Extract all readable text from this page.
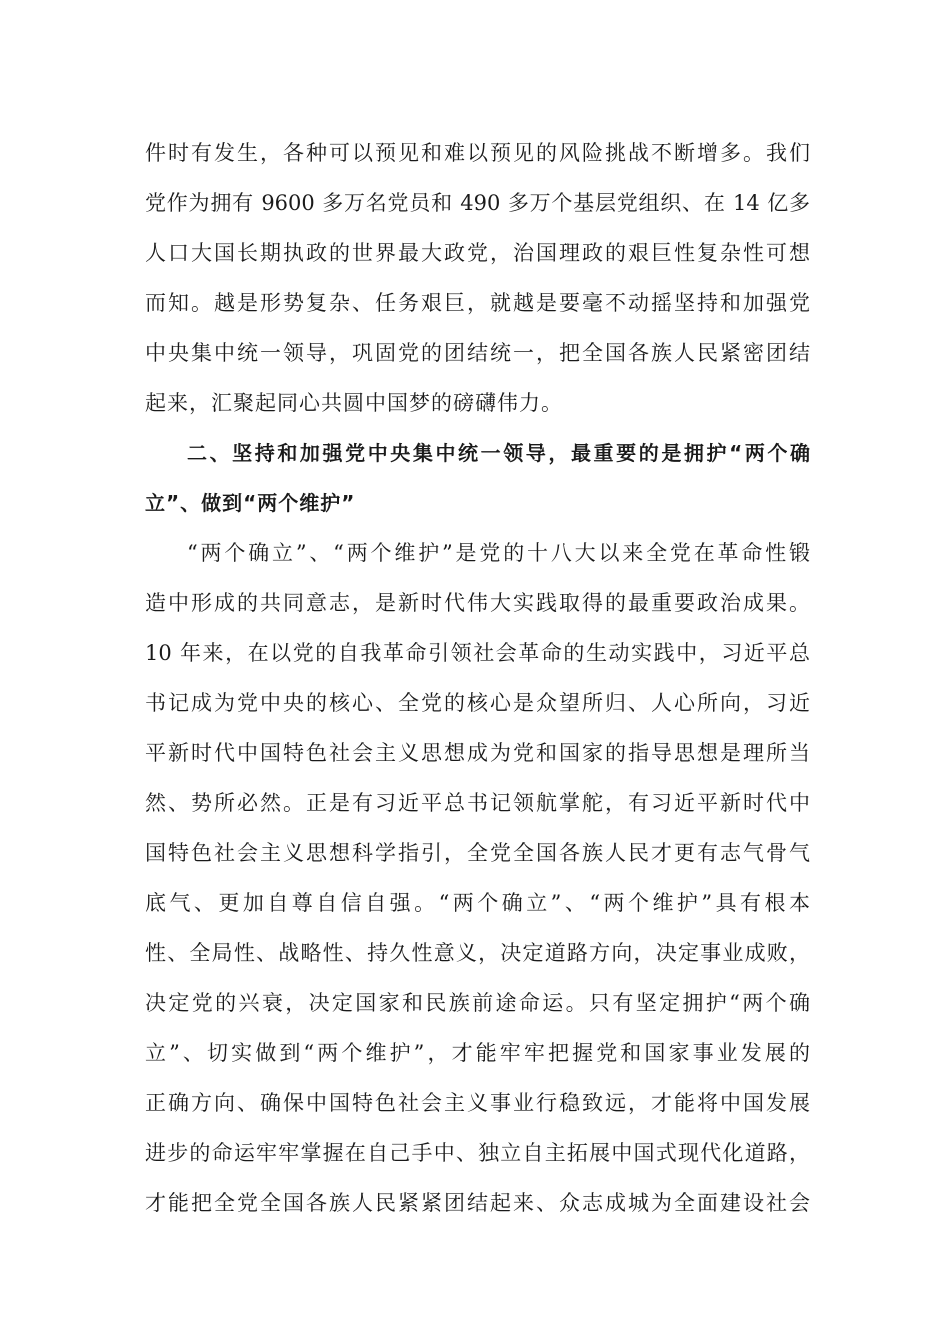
件时有发生，各种可以预见和难以预见的风险挑战不断增多。我们
党作为拥有 9600 多万名党员和 490 多万个基层党组织、在 14 亿多
人口大国长期执政的世界最大政党，治国理政的艰巨性复杂性可想
而知。越是形势复杂、任务艰巨，就越是要毫不动摇坚持和加强党
中央集中统一领导，巩固党的团结统一，把全国各族人民紧密团结
起来，汇聚起同心共圆中国梦的磅礴伟力。
二、坚持和加强党中央集中统一领导，最重要的是拥护“两个确
立”、做到“两个维护”
“两个确立”、“两个维护”是党的十八大以来全党在革命性锻
造中形成的共同意志，是新时代伟大实践取得的最重要政治成果。
10 年来，在以党的自我革命引领社会革命的生动实践中，习近平总
书记成为党中央的核心、全党的核心是众望所归、人心所向，习近
平新时代中国特色社会主义思想成为党和国家的指导思想是理所当
然、势所必然。正是有习近平总书记领航掌舵，有习近平新时代中
国特色社会主义思想科学指引，全党全国各族人民才更有志气骨气
底气、更加自尊自信自强。“两个确立”、“两个维护”具有根本
性、全局性、战略性、持久性意义，决定道路方向，决定事业成败，
决定党的兴衰，决定国家和民族前途命运。只有坚定拥护“两个确
立”、切实做到“两个维护”，才能牢牢把握党和国家事业发展的
正确方向、确保中国特色社会主义事业行稳致远，才能将中国发展
进步的命运牢牢掌握在自己手中、独立自主拓展中国式现代化道路，
才能把全党全国各族人民紧紧团结起来、众志成城为全面建设社会
